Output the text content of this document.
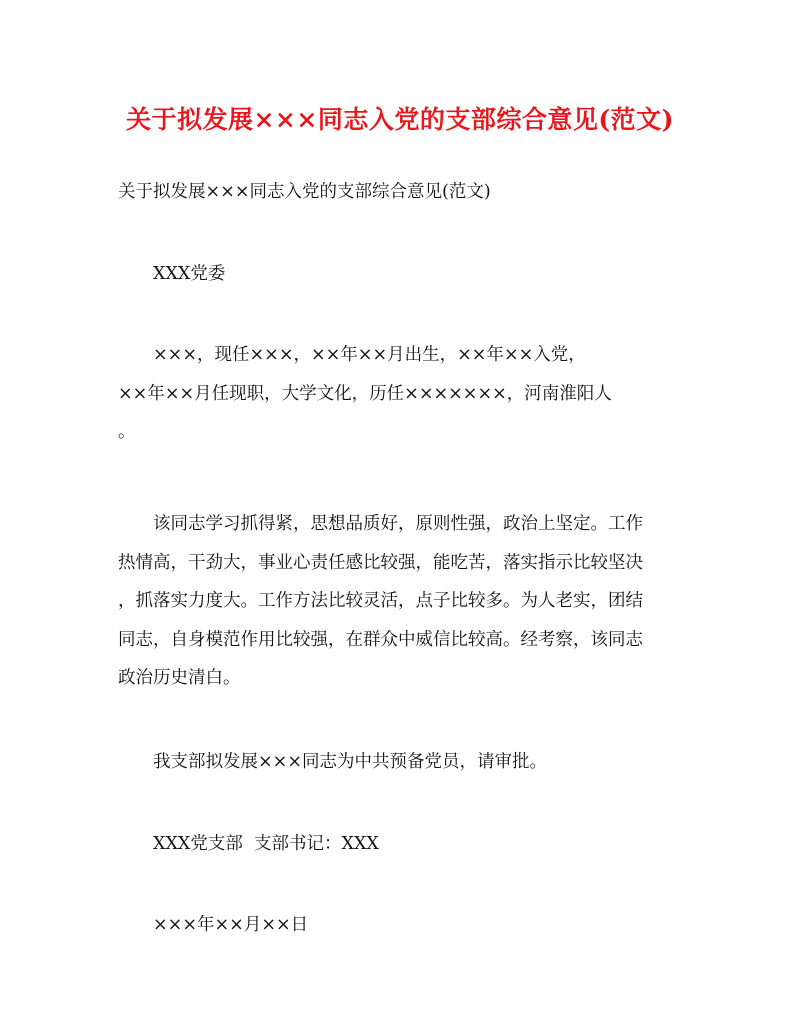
关于拟发展×××同志入党的支部综合意见(范文)
关于拟发展×××同志入党的支部综合意见(范文)
XXX党委
×××，现任×××，××年××月出生，××年××入党，
××年××月任现职，大学文化，历任×××××××，河南淮阳人
。
该同志学习抓得紧，思想品质好，原则性强，政治上坚定。工作
热情高，干劲大，事业心责任感比较强，能吃苦，落实指示比较坚决
，抓落实力度大。工作方法比较灵活，点子比较多。为人老实，团结
同志，自身模范作用比较强，在群众中威信比较高。经考察，该同志
政治历史清白。
我支部拟发展×××同志为中共预备党员，请审批。
XXX党支部  支部书记：XXX
×××年××月××日
